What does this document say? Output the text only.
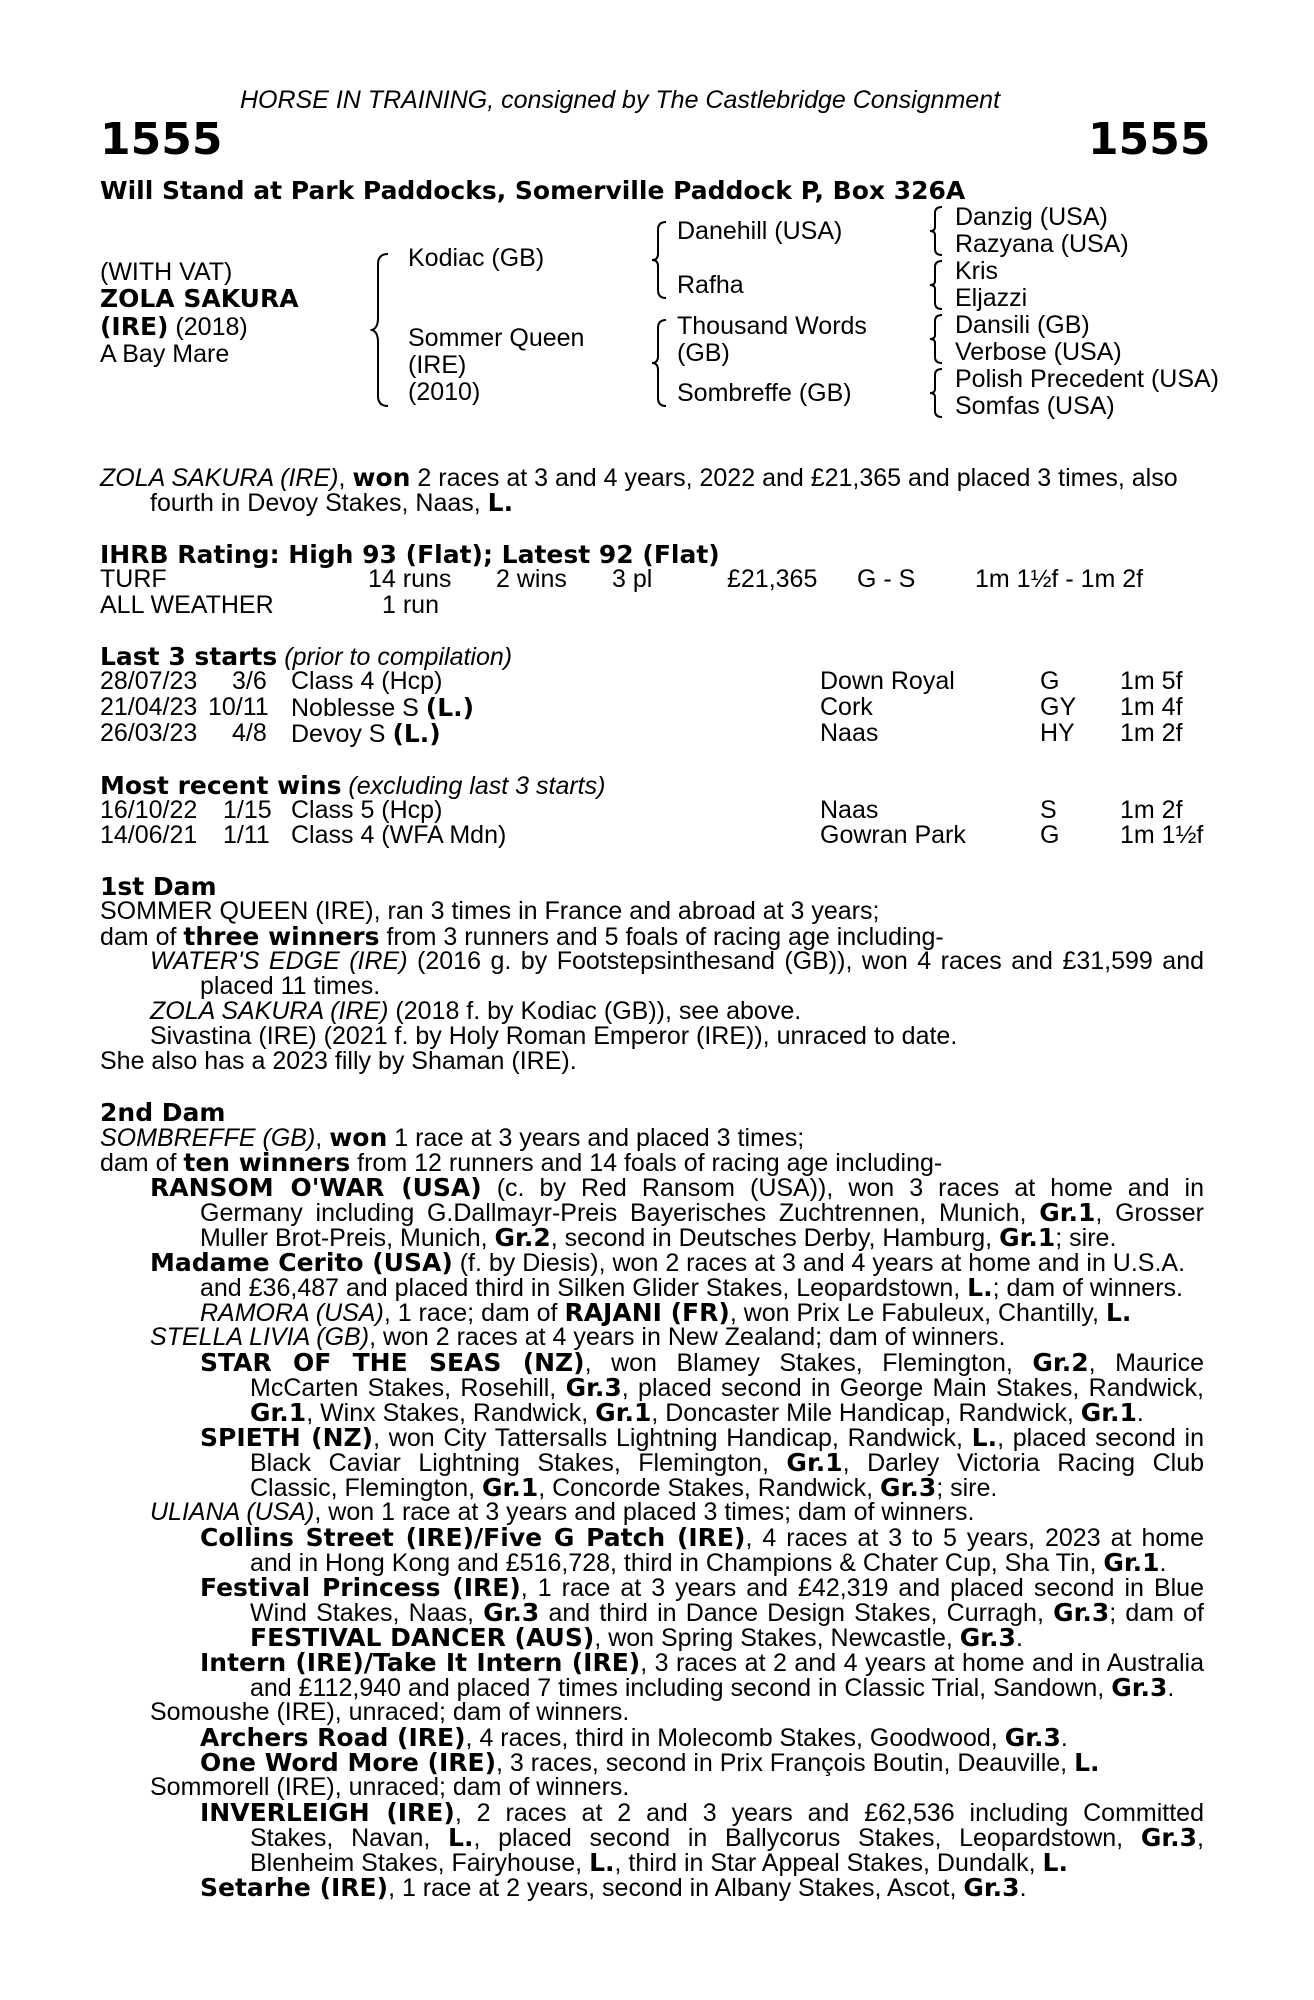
HORSE IN TRAINING, consigned by The Castlebridge Consignment
1555	1555
Will Stand at Park Paddocks, Somerville Paddock P, Box 326A
(WITH VAT)
ZOLA SAKURA
(IRE) (2018)
A Bay Mare
Kodiac (GB)
Sommer Queen
(IRE)
(2010)
Danehill (USA)
Rafha
Thousand Words
(GB)
Sombreffe (GB)
Danzig (USA)
Razyana (USA)
Kris
Eljazzi
Dansili (GB)
Verbose (USA)
Polish Precedent (USA)
Somfas (USA)
ZOLA SAKURA (IRE), won 2 races at 3 and 4 years, 2022 and £21,365 and placed 3 times, also
fourth in Devoy Stakes, Naas, L.
IHRB Rating: High 93 (Flat); Latest 92 (Flat)
TURF	14 runs 2 wins 3 pl	£21,365 G - S 1m 1½f - 1m 2f
ALL WEATHER	1 run
Last 3 starts (prior to compilation)
28/07/23 3/6 Class 4 (Hcp)	Down Royal	G 1m 5f
21/04/23 10/11 Noblesse S (L.)	Cork	GY 1m 4f
26/03/23 4/8 Devoy S (L.)	Naas	HY 1m 2f
Most recent wins (excluding last 3 starts)
16/10/22 1/15 Class 5 (Hcp)	Naas	S	1m 2f
14/06/21 1/11 Class 4 (WFA Mdn)	Gowran Park	G 1m 1½f
1st Dam
SOMMER QUEEN (IRE), ran 3 times in France and abroad at 3 years;
dam of three winners from 3 runners and 5 foals of racing age including-
WATER'S EDGE (IRE) (2016 g. by Footstepsinthesand (GB)), won 4 races and £31,599 and
placed 11 times.
ZOLA SAKURA (IRE) (2018 f. by Kodiac (GB)), see above.
Sivastina (IRE) (2021 f. by Holy Roman Emperor (IRE)), unraced to date.
She also has a 2023 filly by Shaman (IRE).
2nd Dam
SOMBREFFE (GB), won 1 race at 3 years and placed 3 times;
dam of ten winners from 12 runners and 14 foals of racing age including-
RANSOM O'WAR (USA) (c. by Red Ransom (USA)), won 3 races at home and in
Germany including G.Dallmayr-Preis Bayerisches Zuchtrennen, Munich, Gr.1, Grosser
Muller Brot-Preis, Munich, Gr.2, second in Deutsches Derby, Hamburg, Gr.1; sire.
Madame Cerito (USA) (f. by Diesis), won 2 races at 3 and 4 years at home and in U.S.A.
and £36,487 and placed third in Silken Glider Stakes, Leopardstown, L.; dam of winners.
RAMORA (USA), 1 race; dam of RAJANI (FR), won Prix Le Fabuleux, Chantilly, L.
STELLA LIVIA (GB), won 2 races at 4 years in New Zealand; dam of winners.
STAR OF THE SEAS (NZ), won Blamey Stakes, Flemington, Gr.2, Maurice
McCarten Stakes, Rosehill, Gr.3, placed second in George Main Stakes, Randwick,
Gr.1, Winx Stakes, Randwick, Gr.1, Doncaster Mile Handicap, Randwick, Gr.1.
SPIETH (NZ), won City Tattersalls Lightning Handicap, Randwick, L., placed second in
Black Caviar Lightning Stakes, Flemington, Gr.1, Darley Victoria Racing Club
Classic, Flemington, Gr.1, Concorde Stakes, Randwick, Gr.3; sire.
ULIANA (USA), won 1 race at 3 years and placed 3 times; dam of winners.
Collins Street (IRE)/Five G Patch (IRE), 4 races at 3 to 5 years, 2023 at home
and in Hong Kong and £516,728, third in Champions & Chater Cup, Sha Tin, Gr.1.
Festival Princess (IRE), 1 race at 3 years and £42,319 and placed second in Blue
Wind Stakes, Naas, Gr.3 and third in Dance Design Stakes, Curragh, Gr.3; dam of
FESTIVAL DANCER (AUS), won Spring Stakes, Newcastle, Gr.3.
Intern (IRE)/Take It Intern (IRE), 3 races at 2 and 4 years at home and in Australia
and £112,940 and placed 7 times including second in Classic Trial, Sandown, Gr.3.
Somoushe (IRE), unraced; dam of winners.
Archers Road (IRE), 4 races, third in Molecomb Stakes, Goodwood, Gr.3.
One Word More (IRE), 3 races, second in Prix François Boutin, Deauville, L.
Sommorell (IRE), unraced; dam of winners.
INVERLEIGH (IRE), 2 races at 2 and 3 years and £62,536 including Committed
Stakes, Navan, L., placed second in Ballycorus Stakes, Leopardstown, Gr.3,
Blenheim Stakes, Fairyhouse, L., third in Star Appeal Stakes, Dundalk, L.
Setarhe (IRE), 1 race at 2 years, second in Albany Stakes, Ascot, Gr.3.
